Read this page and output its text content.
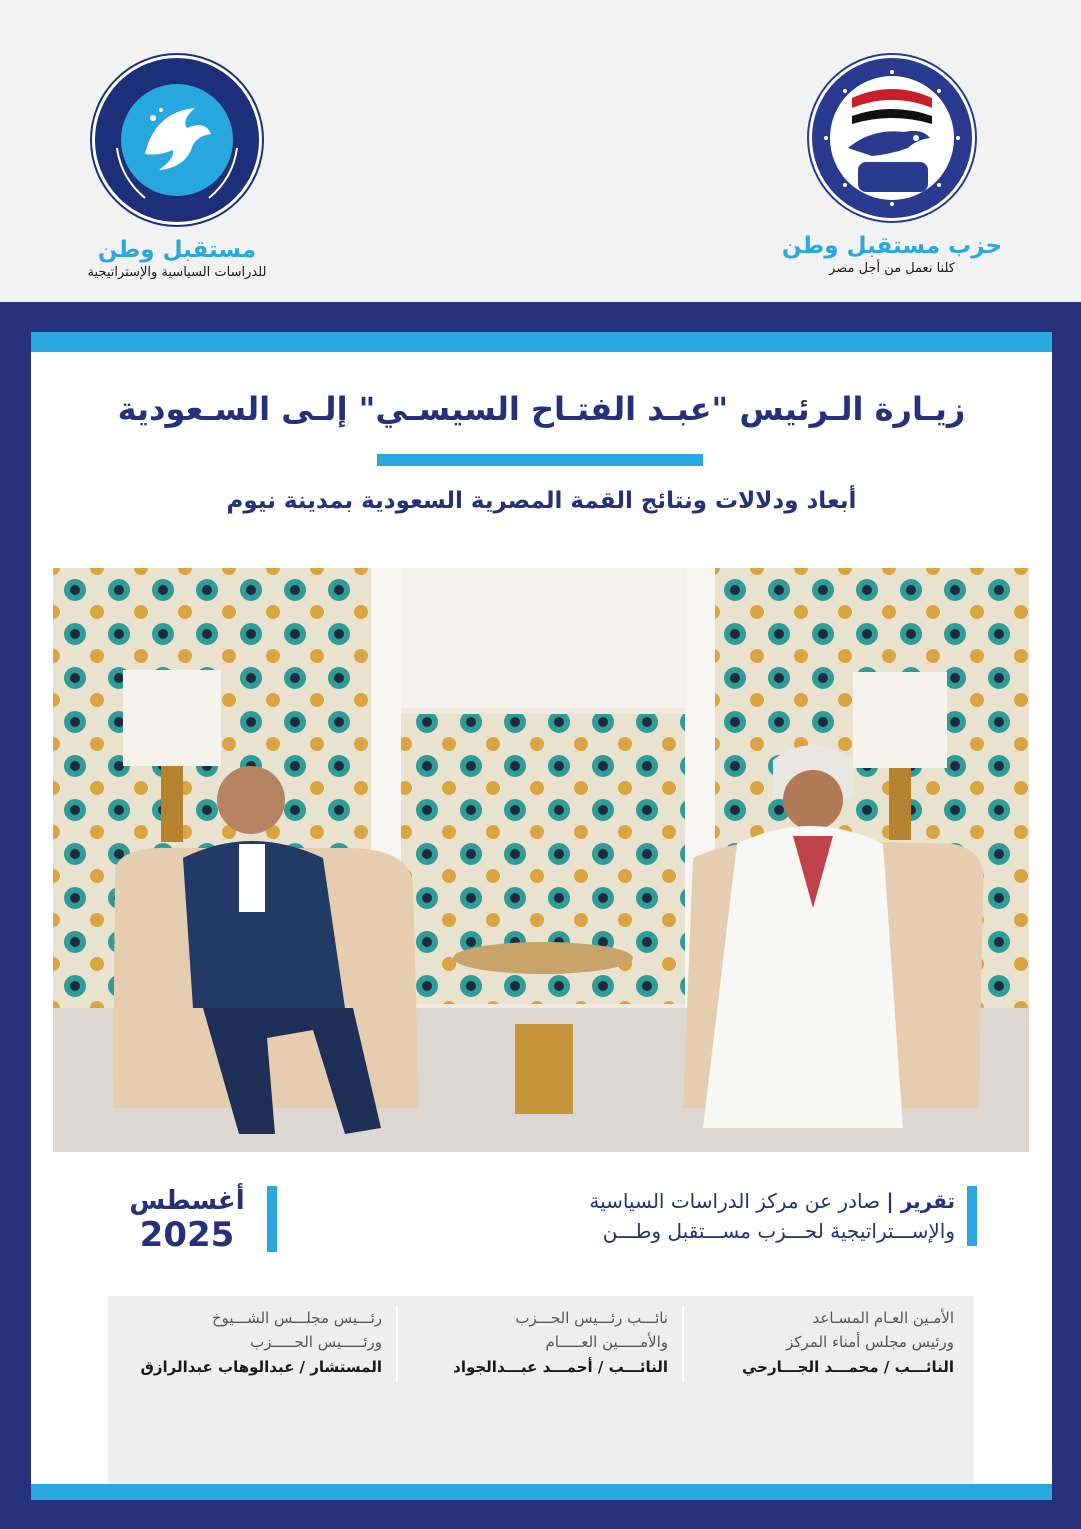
حزب مستقبل وطن
كلنا نعمل من أجل مصر
مستقبل وطن
للدراسات السياسية والإستراتيجية
زيـارة الـرئيس "عبـد الفتـاح السيسـي" إلـى السـعودية
أبعاد ودلالات ونتائج القمة المصرية السعودية بمدينة نيوم
تقرير | صادر عن مركز الدراسات السياسية
والإســـتراتيجية لحـــزب مســـتقبل وطـــن
أغسطس
2025
الأمـين العـام المسـاعد
ورئيس مجلس أمناء المركز
النائـــب / محمـــد الجـــارحي
نائـــب رئـــيس الحـــزب
والأمـــــين العـــــام
النائـــب / أحمـــد عبـــدالجواد
رئـــيس مجلـــس الشـــيوخ
ورئـــــيس الحـــــزب
المستشار / عبدالوهاب عبدالرازق
